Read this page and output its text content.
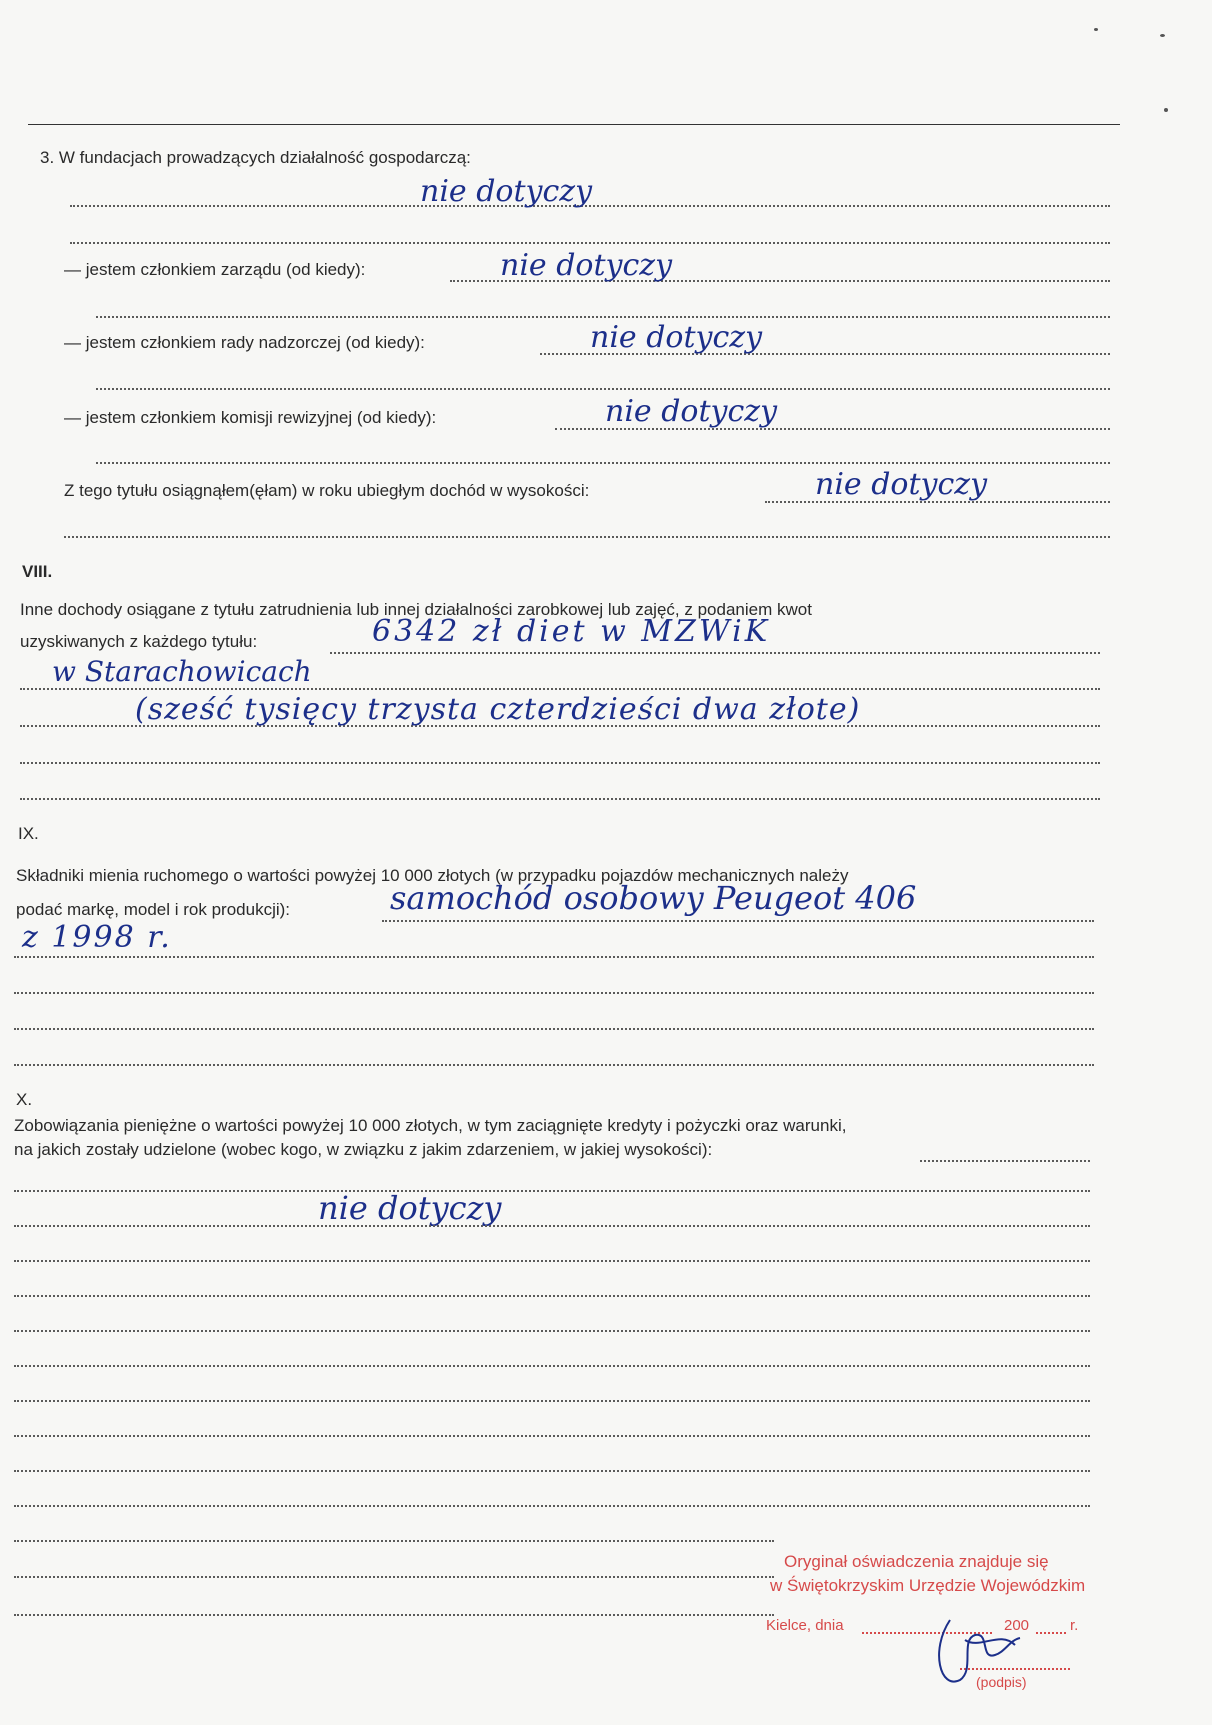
3. W fundacjach prowadzących działalność gospodarczą:
nie dotyczy
— jestem członkiem zarządu (od kiedy):	nie dotyczy
— jestem członkiem rady nadzorczej (od kiedy):	nie dotyczy
— jestem członkiem komisji rewizyjnej (od kiedy):	nie dotyczy
Z tego tytułu osiągnąłem(ęłam) w roku ubiegłym dochód w wysokości:	nie dotyczy
VIII.
Inne dochody osiągane z tytułu zatrudnienia lub innej działalności zarobkowej lub zajęć, z podaniem kwot
uzyskiwanych z każdego tytułu:	6342 zł diet w MZWiK
w Starachowicach
(sześć tysięcy trzysta czterdzieści dwa złote)
IX.
Składniki mienia ruchomego o wartości powyżej 10 000 złotych (w przypadku pojazdów mechanicznych należy
podać markę, model i rok produkcji):	samochód osobowy Peugeot 406
z 1998 r.
X.
Zobowiązania pieniężne o wartości powyżej 10 000 złotych, w tym zaciągnięte kredyty i pożyczki oraz warunki,
na jakich zostały udzielone (wobec kogo, w związku z jakim zdarzeniem, w jakiej wysokości):
nie dotyczy
Oryginał oświadczenia znajduje się
w Świętokrzyskim Urzędzie Wojewódzkim
Kielce, dnia	200	r.
(podpis)
